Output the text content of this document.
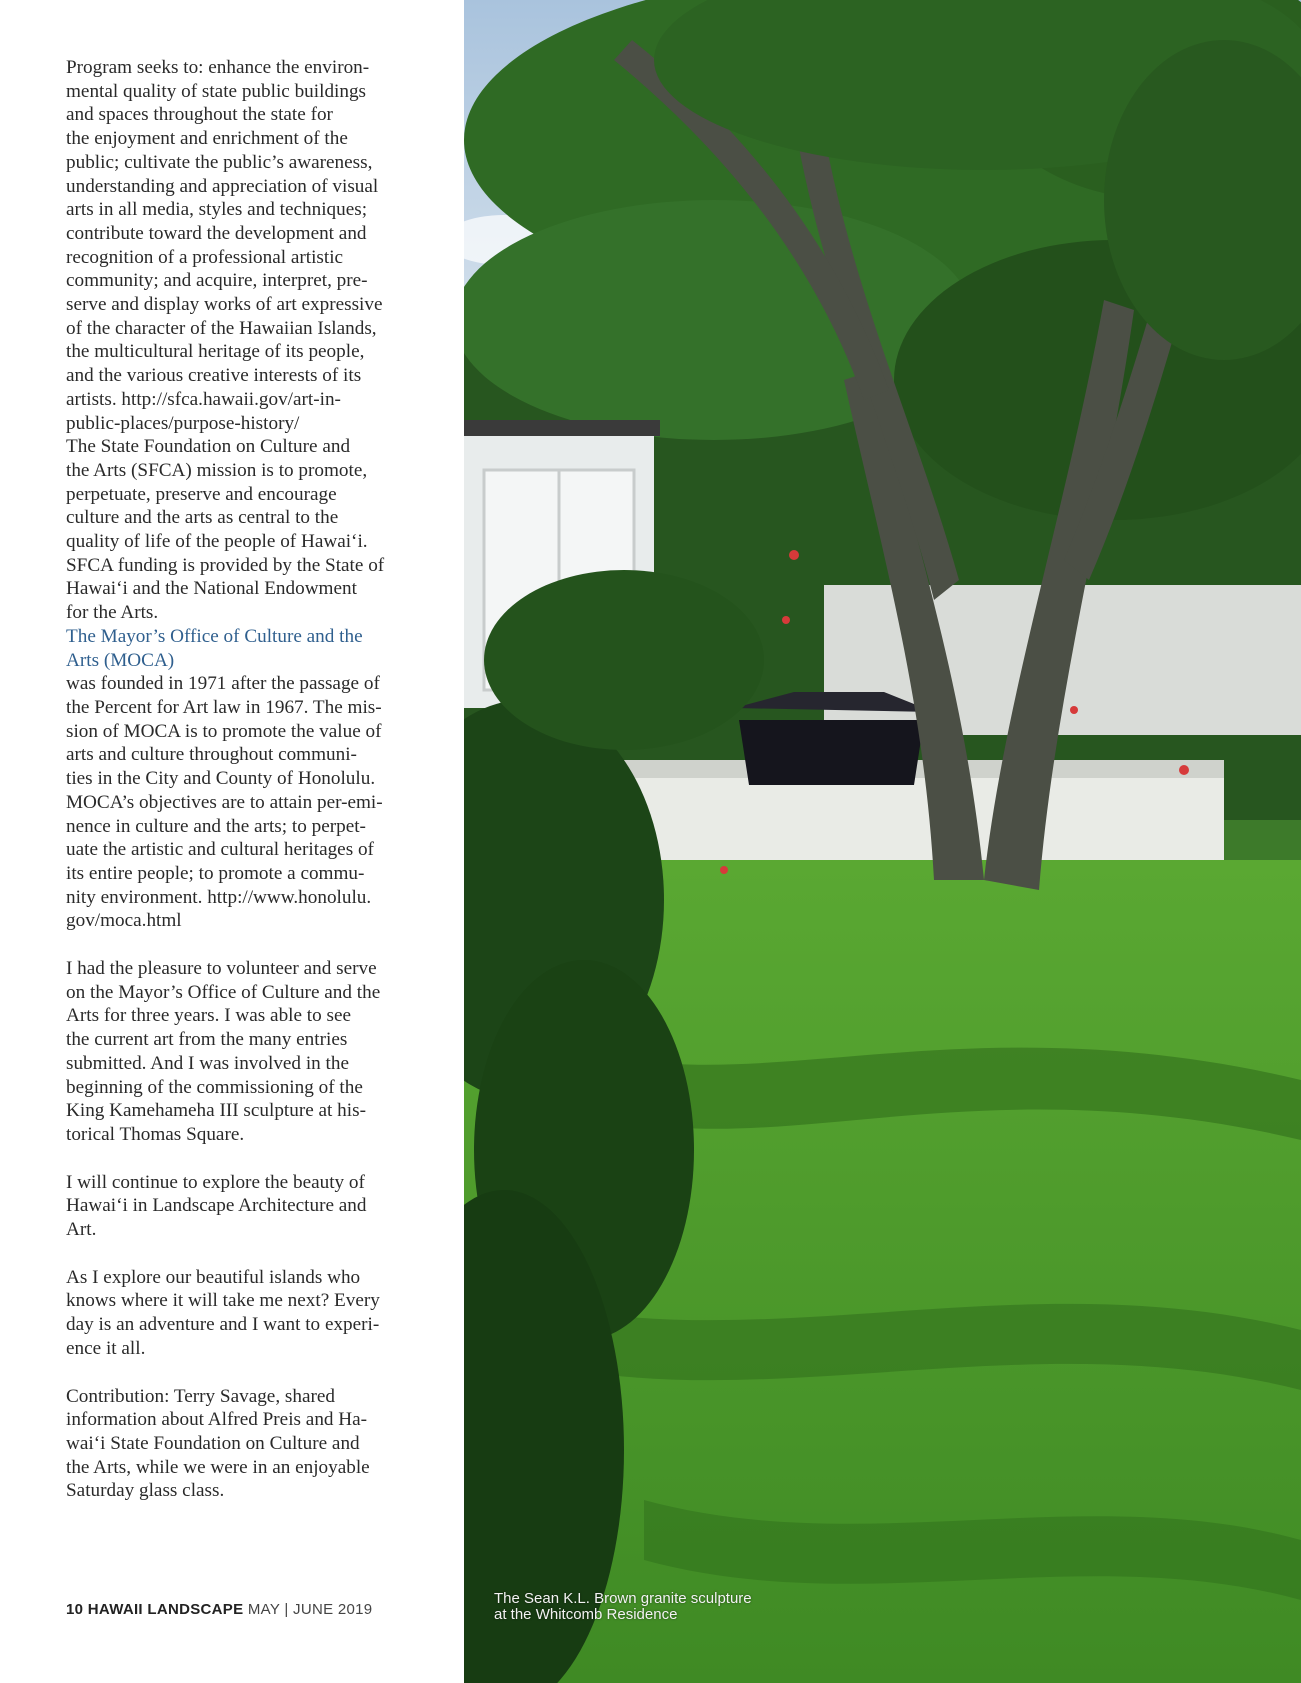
Program seeks to: enhance the environ-
mental quality of state public buildings
and spaces throughout the state for
the enjoyment and enrichment of the
public; cultivate the public’s awareness,
understanding and appreciation of visual
arts in all media, styles and techniques;
contribute toward the development and
recognition of a professional artistic
community; and acquire, interpret, pre-
serve and display works of art expressive
of the character of the Hawaiian Islands,
the multicultural heritage of its people,
and the various creative interests of its
artists. http://sfca.hawaii.gov/art-in-
public-places/purpose-history/
The State Foundation on Culture and
the Arts (SFCA) mission is to promote,
perpetuate, preserve and encourage
culture and the arts as central to the
quality of life of the people of Hawai‘i.
SFCA funding is provided by the State of
Hawai‘i and the National Endowment
for the Arts.

The Mayor’s Office of Culture and the
Arts (MOCA)

was founded in 1971 after the passage of
the Percent for Art law in 1967. The mis-
sion of MOCA is to promote the value of
arts and culture throughout communi-
ties in the City and County of Honolulu.
MOCA’s objectives are to attain per-emi-
nence in culture and the arts; to perpet-
uate the artistic and cultural heritages of
its entire people; to promote a commu-
nity environment. http://www.honolulu.
gov/moca.html

I had the pleasure to volunteer and serve
on the Mayor’s Office of Culture and the
Arts for three years. I was able to see
the current art from the many entries
submitted. And I was involved in the
beginning of the commissioning of the
King Kamehameha III sculpture at his-
torical Thomas Square.

I will continue to explore the beauty of
Hawai‘i in Landscape Architecture and
Art.

As I explore our beautiful islands who
knows where it will take me next? Every
day is an adventure and I want to experi-
ence it all.

Contribution: Terry Savage, shared
information about Alfred Preis and Ha-
wai‘i State Foundation on Culture and
the Arts, while we were in an enjoyable
Saturday glass class.

10 HAWAII LANDSCAPE MAY | JUNE 2019
The Sean K.L. Brown granite sculpture
at the Whitcomb Residence
